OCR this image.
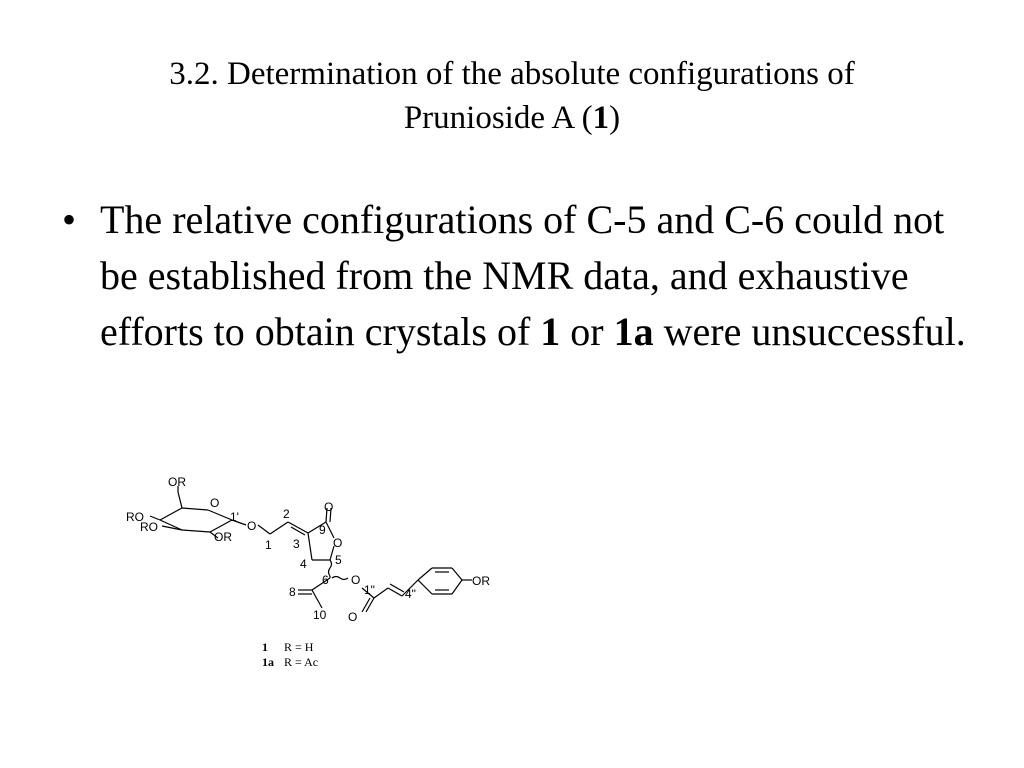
3.2. Determination of the absolute configurations of
Prunioside A (1)
• The relative configurations of C-5 and C-6 could not be established from the NMR data, and exhaustive efforts to obtain crystals of 1 or 1a were unsuccessful.
OR
O
RO
RO
OR
1'
O
2	O
9
1 3	O
4 5
6 O
1"
8	4"
OR
10 O
1 R = H
1a R = Ac
